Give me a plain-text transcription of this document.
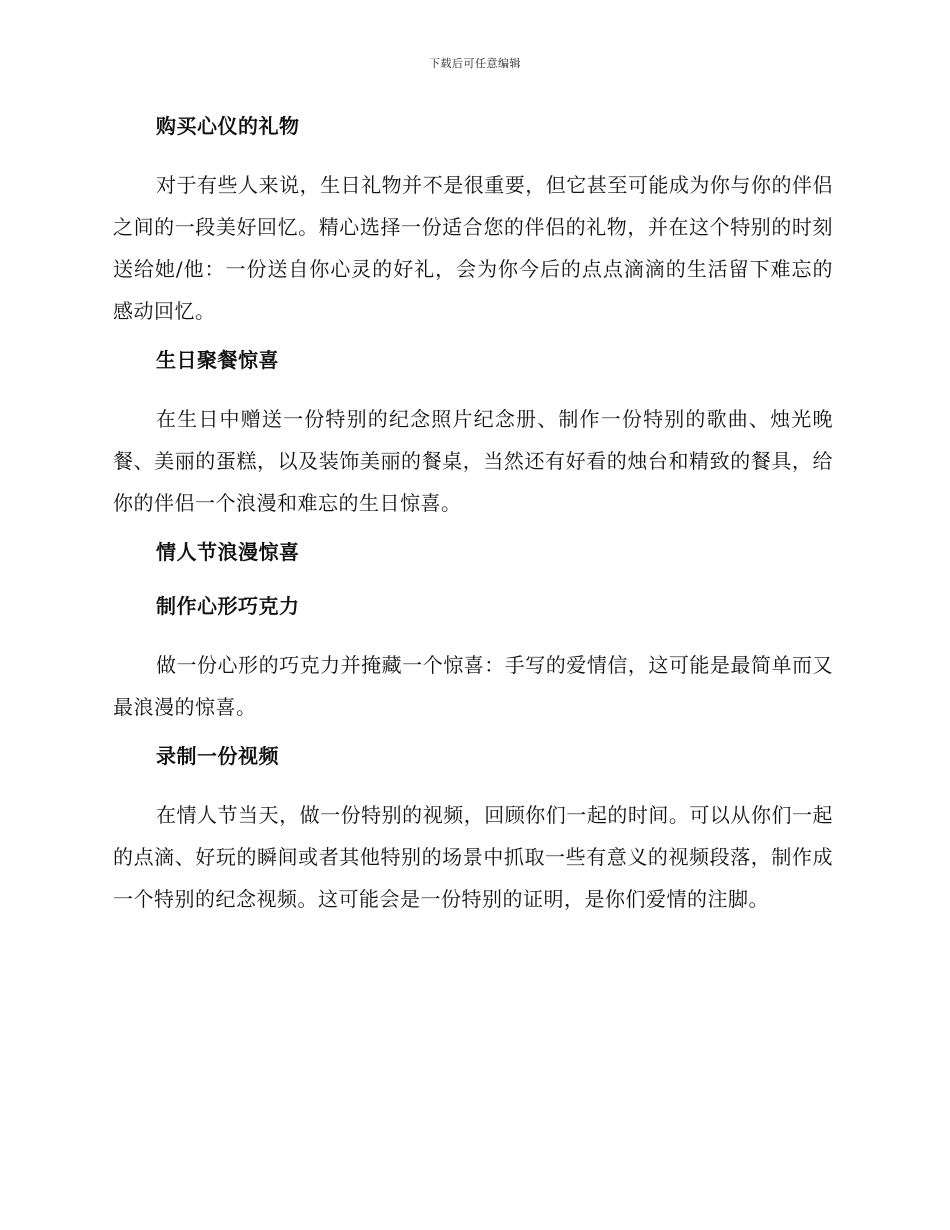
下载后可任意编辑
购买心仪的礼物

对于有些人来说，生日礼物并不是很重要，但它甚至可能成为你与你的伴侣之间的一段美好回忆。精心选择一份适合您的伴侣的礼物，并在这个特别的时刻送给她/他：一份送自你心灵的好礼，会为你今后的点点滴滴的生活留下难忘的感动回忆。

生日聚餐惊喜

在生日中赠送一份特别的纪念照片纪念册、制作一份特别的歌曲、烛光晚餐、美丽的蛋糕，以及装饰美丽的餐桌，当然还有好看的烛台和精致的餐具，给你的伴侣一个浪漫和难忘的生日惊喜。

情人节浪漫惊喜
制作心形巧克力

做一份心形的巧克力并掩藏一个惊喜：手写的爱情信，这可能是最简单而又最浪漫的惊喜。

录制一份视频

在情人节当天，做一份特别的视频，回顾你们一起的时间。可以从你们一起的点滴、好玩的瞬间或者其他特别的场景中抓取一些有意义的视频段落，制作成一个特别的纪念视频。这可能会是一份特别的证明，是你们爱情的注脚。
